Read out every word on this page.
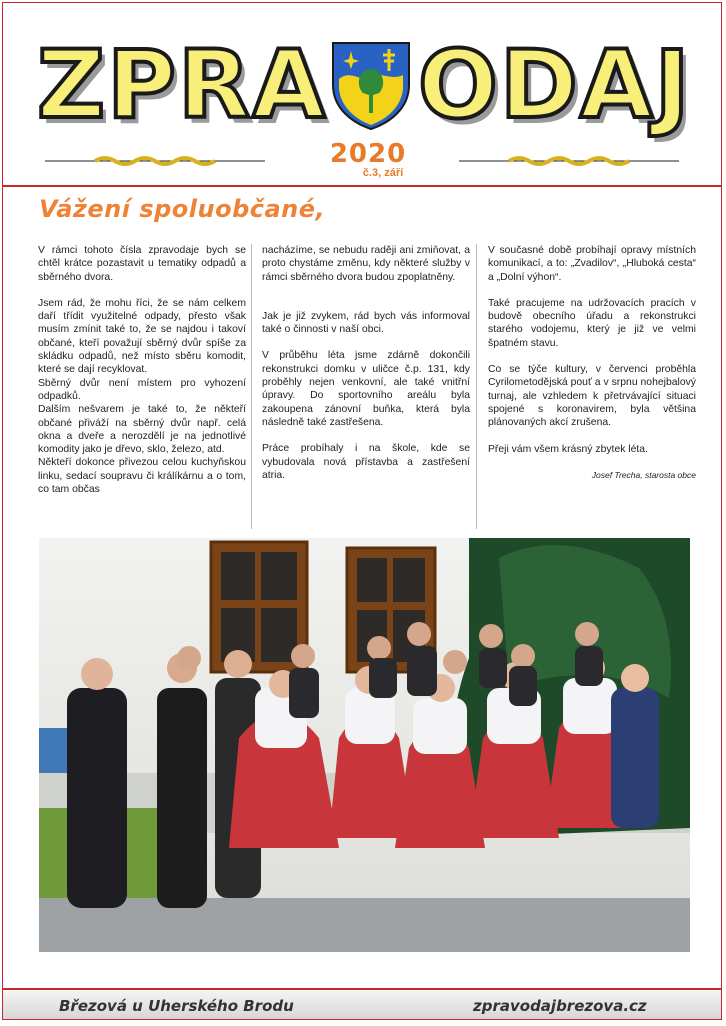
ZPRA ODAJ
2020
č.3, září
Vážení spoluobčané,

V rámci tohoto čísla zpravodaje bych se chtěl krátce pozastavit u tematiky odpadů a sběrného dvora.

Jsem rád, že mohu říci, že se nám celkem daří třídit využitelné odpady, přesto však musím zmínit také to, že se najdou i takoví občané, kteří považují sběrný dvůr spíše za skládku odpadů, než místo sběru komodit, které se dají recyklovat.

Sběrný dvůr není místem pro vyhození odpadků.

Dalším nešvarem je také to, že někteří občané přiváží na sběrný dvůr např. celá okna a dveře a nerozdělí je na jednotlivé komodity jako je dřevo, sklo, železo, atd.

Někteří dokonce přivezou celou kuchyňskou linku, sedací soupravu či králíkárnu a o tom, co tam občas

nacházíme, se nebudu raději ani zmiňovat, a proto chystáme změnu, kdy některé služby v rámci sběrného dvora budou zpoplatněny.

Jak je již zvykem, rád bych vás informoval také o činnosti v naší obci.

V průběhu léta jsme zdárně dokončili rekonstrukci domku v uličce č.p. 131, kdy proběhly nejen venkovní, ale také vnitřní úpravy. Do sportovního areálu byla zakoupena zánovní buňka, která byla následně také zastřešena.

Práce probíhaly i na škole, kde se vybudovala nová přístavba a zastřešení atria.

V současné době probíhají opravy místních komunikací, a to: „Zvadilov“, „Hluboká cesta“ a „Dolní výhon“.

Také pracujeme na udržovacích pracích v budově obecního úřadu a rekonstrukci starého vodojemu, který je již ve velmi špatném stavu.

Co se týče kultury, v červenci proběhla Cyrilometodějská pouť a v srpnu nohejbalový turnaj, ale vzhledem k přetrvávající situaci spojené s koronavirem, byla většina plánovaných akcí zrušena.

Přeji vám všem krásný zbytek léta.

Josef Trecha, starosta obce
Březová u Uherského Brodu	zpravodajbrezova.cz
